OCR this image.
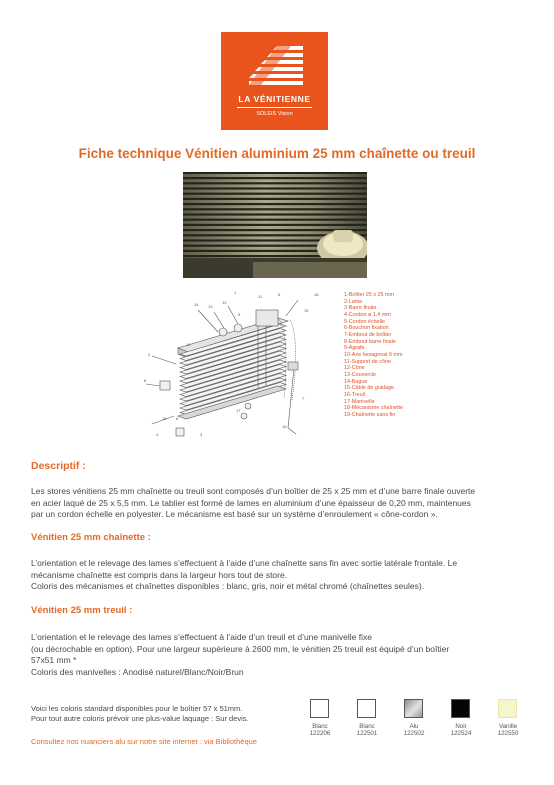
LA VÉNITIENNE
SOLEIS Vision
Fiche technique Vénitien aluminium 25 mm chaînette ou treuil
1
2
3
4
5
6
7
8
9
10
11
12
13
14
15
16
17
18
19
1-Boîtier 25 x 25 mm
2-Lame
3-Barre finale
4-Cordon ø 1,4 mm
5-Cordon échelle
6-Bouchon fixation
7-Embout de boîtier
8-Embout barre finale
9-Agrafe
10-Axe hexagonal 6 mm
11-Support de cône
12-Cône
13-Couvercle
14-Bague
15-Câble de guidage
16-Treuil
17-Manivelle
18-Mécanisme chaînette
19-Chaînette sans fin
Descriptif :
Les stores vénitiens 25 mm chaînette ou treuil sont composés d’un boîtier de 25 x 25 mm et d’une barre finale ouverte
en acier laqué de 25 x 5,5 mm. Le tablier est formé de lames en aluminium d’une épaisseur de 0,20 mm, maintenues
par un cordon échelle en polyester. Le mécanisme est basé sur un système d’enroulement « cône-cordon ».
Vénitien 25 mm chaînette :
L’orientation et le relevage des lames s’effectuent à l’aide d’une chaînette sans fin avec sortie latérale frontale. Le
mécanisme chaînette est compris dans la largeur hors tout de store.
Coloris des mécanismes et chaînettes disponibles : blanc, gris, noir et métal chromé (chaînettes seules).
Vénitien 25 mm treuil :
L’orientation et le relevage des lames s’effectuent à l’aide d’un treuil et d’une manivelle fixe
(ou décrochable en option). Pour une largeur supérieure à 2600 mm, le vénitien 25 treuil est équipé d’un boîtier
57x51 mm *
Coloris des manivelles : Anodisé naturel/Blanc/Noir/Brun
Voici les coloris standard disponibles pour le boîtier 57 x 51mm.
Pour tout autre coloris prévoir une plus-value laquage : Sur devis.
Consultez nos nuanciers alu sur notre site internet : via Bibliothèque
Blanc
122206
Blanc
122501
Alu
122502
Noir
122524
Vanille
122550
